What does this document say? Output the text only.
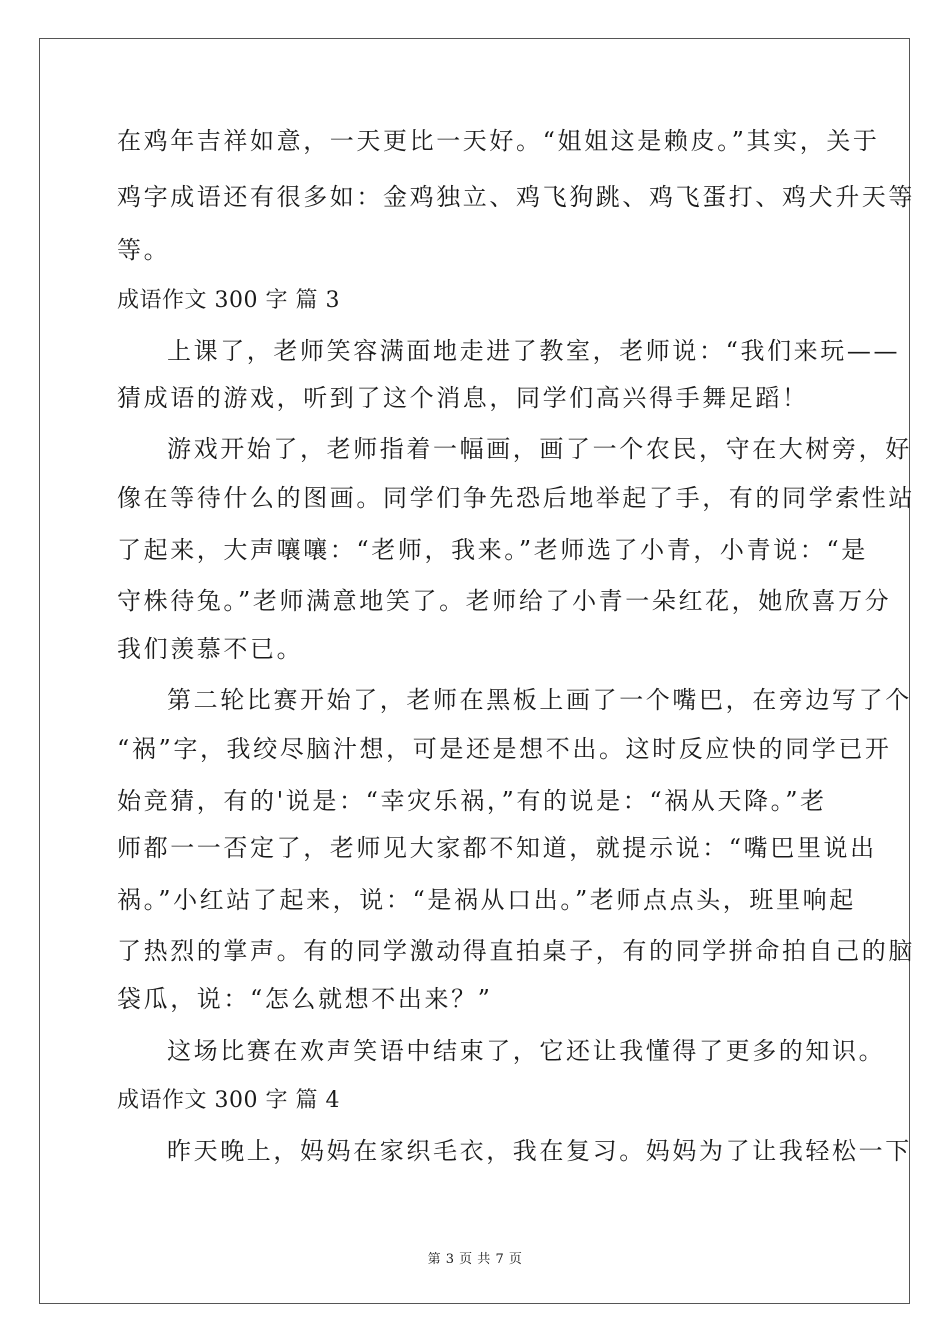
在鸡年吉祥如意，一天更比一天好。“姐姐这是赖皮。”其实，关于
鸡字成语还有很多如：金鸡独立、鸡飞狗跳、鸡飞蛋打、鸡犬升天等
等。
成语作文 300 字 篇 3
上课了，老师笑容满面地走进了教室，老师说：“我们来玩——
猜成语的游戏，听到了这个消息，同学们高兴得手舞足蹈！
游戏开始了，老师指着一幅画，画了一个农民，守在大树旁，好
像在等待什么的图画。同学们争先恐后地举起了手，有的同学索性站
了起来，大声嚷嚷：“老师，我来。”老师选了小青，小青说：“是
守株待兔。”老师满意地笑了。老师给了小青一朵红花，她欣喜万分
我们羡慕不已。
第二轮比赛开始了，老师在黑板上画了一个嘴巴，在旁边写了个
“祸”字，我绞尽脑汁想，可是还是想不出。这时反应快的同学已开
始竞猜，有的'说是：“幸灾乐祸，”有的说是：“祸从天降。”老
师都一一否定了，老师见大家都不知道，就提示说：“嘴巴里说出
祸。”小红站了起来，说：“是祸从口出。”老师点点头，班里响起
了热烈的掌声。有的同学激动得直拍桌子，有的同学拼命拍自己的脑
袋瓜，说：“怎么就想不出来？”
这场比赛在欢声笑语中结束了，它还让我懂得了更多的知识。
成语作文 300 字 篇 4
昨天晚上，妈妈在家织毛衣，我在复习。妈妈为了让我轻松一下
第 3 页 共 7 页
